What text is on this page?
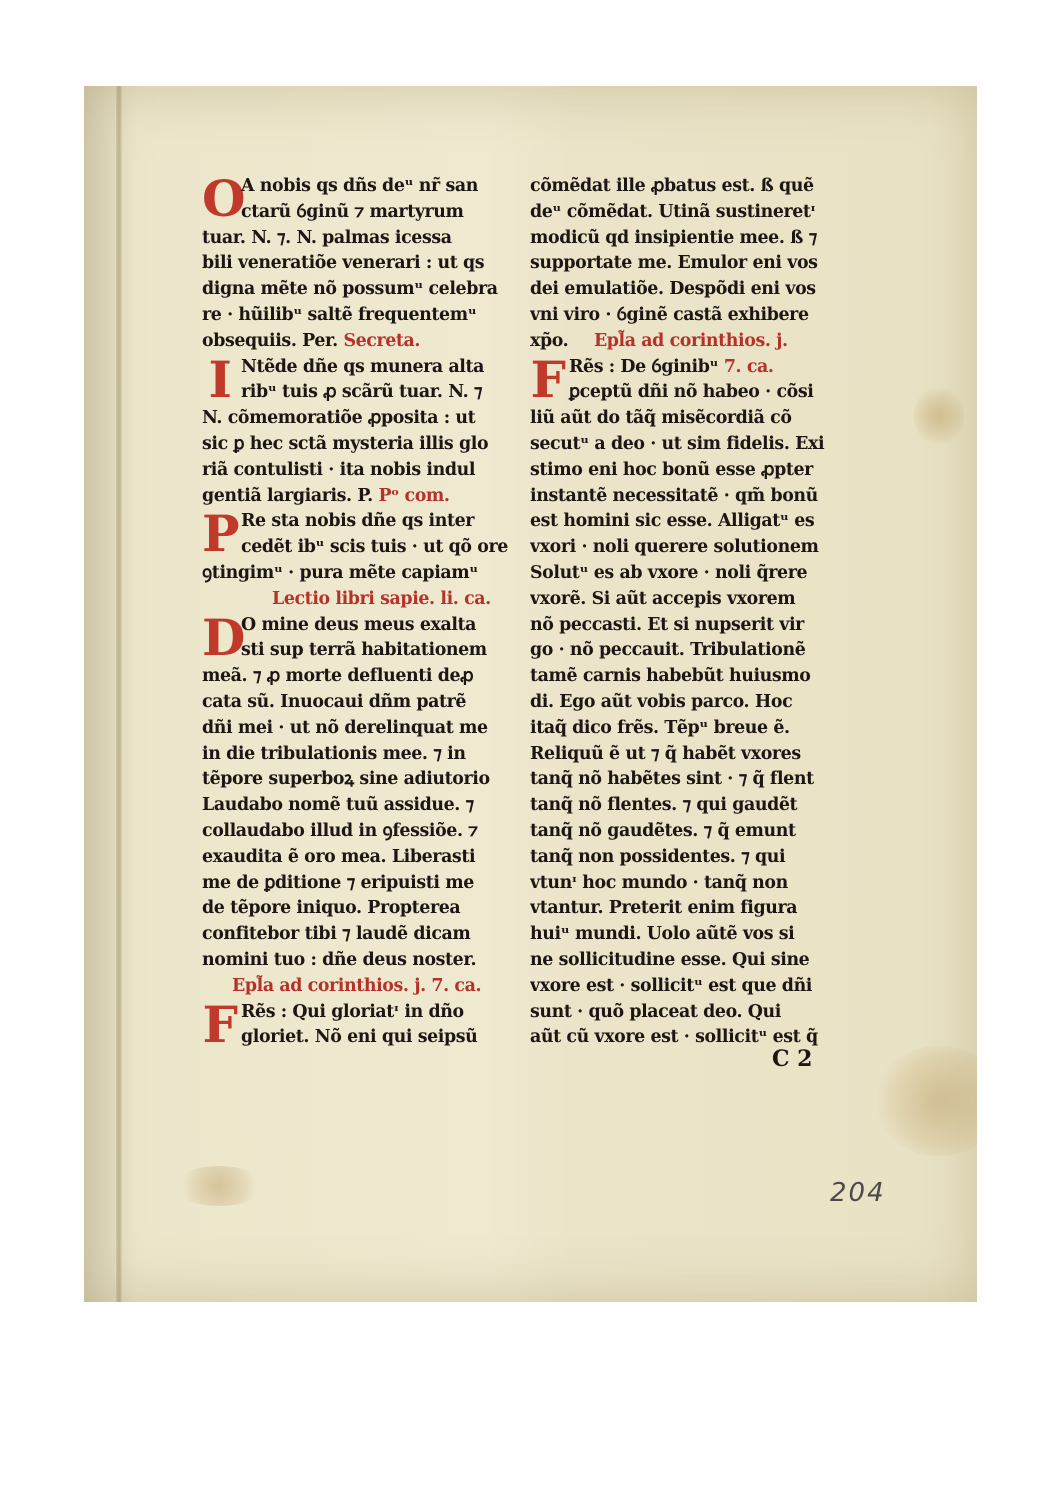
O
A nobis qs dñs deᵘ nr̃ san
ctarũ ỽginũ ⁊ martyrum
tuar. N. ⁊. N. palmas icessa
bili veneratiõe venerari : ut qs
digna mẽte nõ possumᵘ celebra
re · hũilibᵘ saltẽ frequentemᵘ
obsequiis. Per. Secreta.
I Ntẽde dñe qs munera alta
ribᵘ tuis ꝓ scãrũ tuar. N. ⁊
N. cõmemoratiõe ꝓposita : ut
sic ꝑ hec sctã mysteria illis glo
riã contulisti · ita nobis indul
gentiã largiaris. P. Pᵒ com.
P Re sta nobis dñe qs inter
cedẽt ibᵘ scis tuis · ut qõ ore
ꝯtingimᵘ · pura mẽte capiamᵘ
Lectio libri sapie. li. ca.
D
O mine deus meus exalta
sti sup terrã habitationem
meã. ⁊ ꝓ morte defluenti deꝓ
cata sũ. Inuocaui dñm patrẽ
dñi mei · ut nõ derelinquat me
in die tribulationis mee. ⁊ in
tẽpore superboꝝ sine adiutorio
Laudabo nomẽ tuũ assidue. ⁊
collaudabo illud in ꝯfessiõe. ⁊
exaudita ẽ oro mea. Liberasti
me de ꝑditione ⁊ eripuisti me
de tẽpore iniquo. Propterea
confitebor tibi ⁊ laudẽ dicam
nomini tuo : dñe deus noster.
Epl̃a ad corinthios. j. 7. ca.
F Rẽs : Qui gloriatᶦ in dño
gloriet. Nõ eni qui seipsũ
cõmẽdat ille ꝓbatus est. ß quẽ
deᵘ cõmẽdat. Utinã sustineretᶦ
modicũ qd insipientie mee. ß ⁊
supportate me. Emulor eni vos
dei emulatiõe. Despõdi eni vos
vni viro · ỽginẽ castã exhibere
xp̃o. Epl̃a ad corinthios. j.
F Rẽs : De ỽginibᵘ 7. ca.
ꝑceptũ dñi nõ habeo · cõsi
liũ aũt do tãq̃ misẽcordiã cõ
secutᵘ a deo · ut sim fidelis. Exi
stimo eni hoc bonũ esse ꝓpter
instantẽ necessitatẽ · qm̃ bonũ
est homini sic esse. Alligatᵘ es
vxori · noli querere solutionem
Solutᵘ es ab vxore · noli q̃rere
vxorẽ. Si aũt accepis vxorem
nõ peccasti. Et si nupserit vir
go · nõ peccauit. Tribulationẽ
tamẽ carnis habebũt huiusmo
di. Ego aũt vobis parco. Hoc
itaq̃ dico frẽs. Tẽpᵘ breue ẽ.
Reliquũ ẽ ut ⁊ q̃ habẽt vxores
tanq̃ nõ habẽtes sint · ⁊ q̃ flent
tanq̃ nõ flentes. ⁊ qui gaudẽt
tanq̃ nõ gaudẽtes. ⁊ q̃ emunt
tanq̃ non possidentes. ⁊ qui
vtunᶦ hoc mundo · tanq̃ non
vtantur. Preterit enim figura
huiᵘ mundi. Uolo aũtẽ vos si
ne sollicitudine esse. Qui sine
vxore est · sollicitᵘ est que dñi
sunt · quõ placeat deo. Qui
aũt cũ vxore est · sollicitᵘ est q̃
C 2
204
